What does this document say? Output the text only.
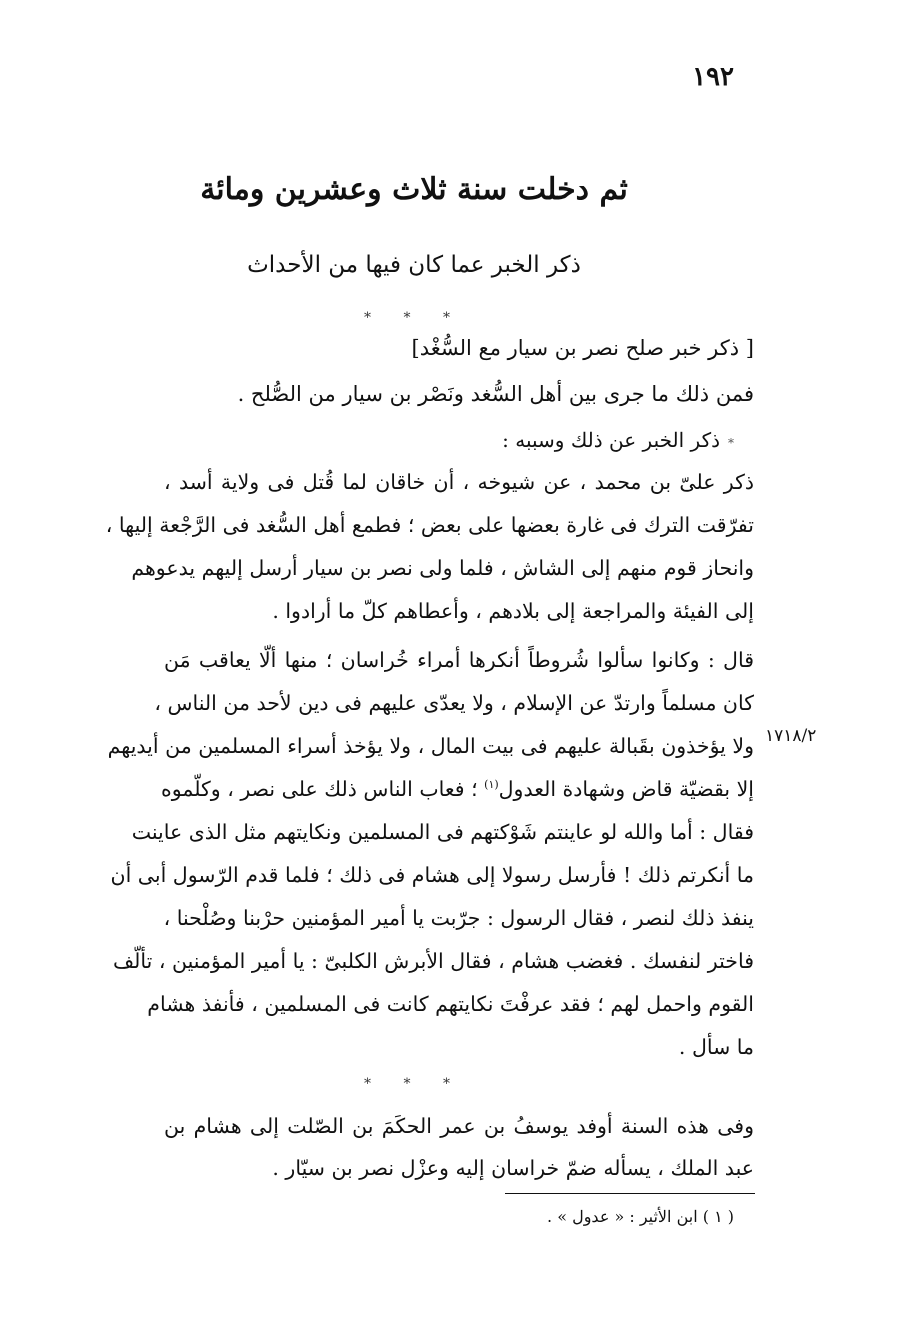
١٩٢
ثم دخلت سنة ثلاث وعشرين ومائة
ذكر الخبر عما كان فيها من الأحداث
* * *
[ ذكر خبر صلح نصر بن سيار مع السُّغْد]
فمن ذلك ما جرى بين أهل السُّغد ونَصْر بن سيار من الصُّلح .
*ذكر الخبر عن ذلك وسببه :
ذكر علىّ بن محمد ، عن شيوخه ، أن خاقان لما قُتل فى ولاية أسد ،
تفرّقت الترك فى غارة بعضها على بعض ؛ فطمع أهل السُّغد فى الرَّجْعة إليها ،
وانحاز قوم منهم إلى الشاش ، فلما ولى نصر بن سيار أرسل إليهم يدعوهم
إلى الفيئة والمراجعة إلى بلادهم ، وأعطاهم كلّ ما أرادوا .
قال : وكانوا سألوا شُروطاً أنكرها أمراء خُراسان ؛ منها ألّا يعاقب مَن
كان مسلماً وارتدّ عن الإسلام ، ولا يعدّى عليهم فى دين لأحد من الناس ،
ولا يؤخذون بقَبالة عليهم فى بيت المال ، ولا يؤخذ أسراء المسلمين من أيديهم
إلا بقضيّة قاض وشهادة العدول$^{(١)}$ ؛ فعاب الناس ذلك على نصر ، وكلّموه
فقال : أما والله لو عاينتم شَوْكتهم فى المسلمين ونكايتهم مثل الذى عاينت
ما أنكرتم ذلك ! فأرسل رسولا إلى هشام فى ذلك ؛ فلما قدم الرّسول أبى أن
ينفذ ذلك لنصر ، فقال الرسول : جرّبت يا أمير المؤمنين حرْبنا وصُلْحنا ،
فاختر لنفسك . فغضب هشام ، فقال الأبرش الكلبىّ : يا أمير المؤمنين ، تألّف
القوم واحمل لهم ؛ فقد عرفْتَ نكايتهم كانت فى المسلمين ، فأنفذ هشام
ما سأل .
١٧١٨/٢
* * *
وفى هذه السنة أوفد يوسفُ بن عمر الحكَمَ بن الصّلت إلى هشام بن
عبد الملك ، يسأله ضمّ خراسان إليه وعزْل نصر بن سيّار .
( ١ ) ابن الأثير : « عدول » .
